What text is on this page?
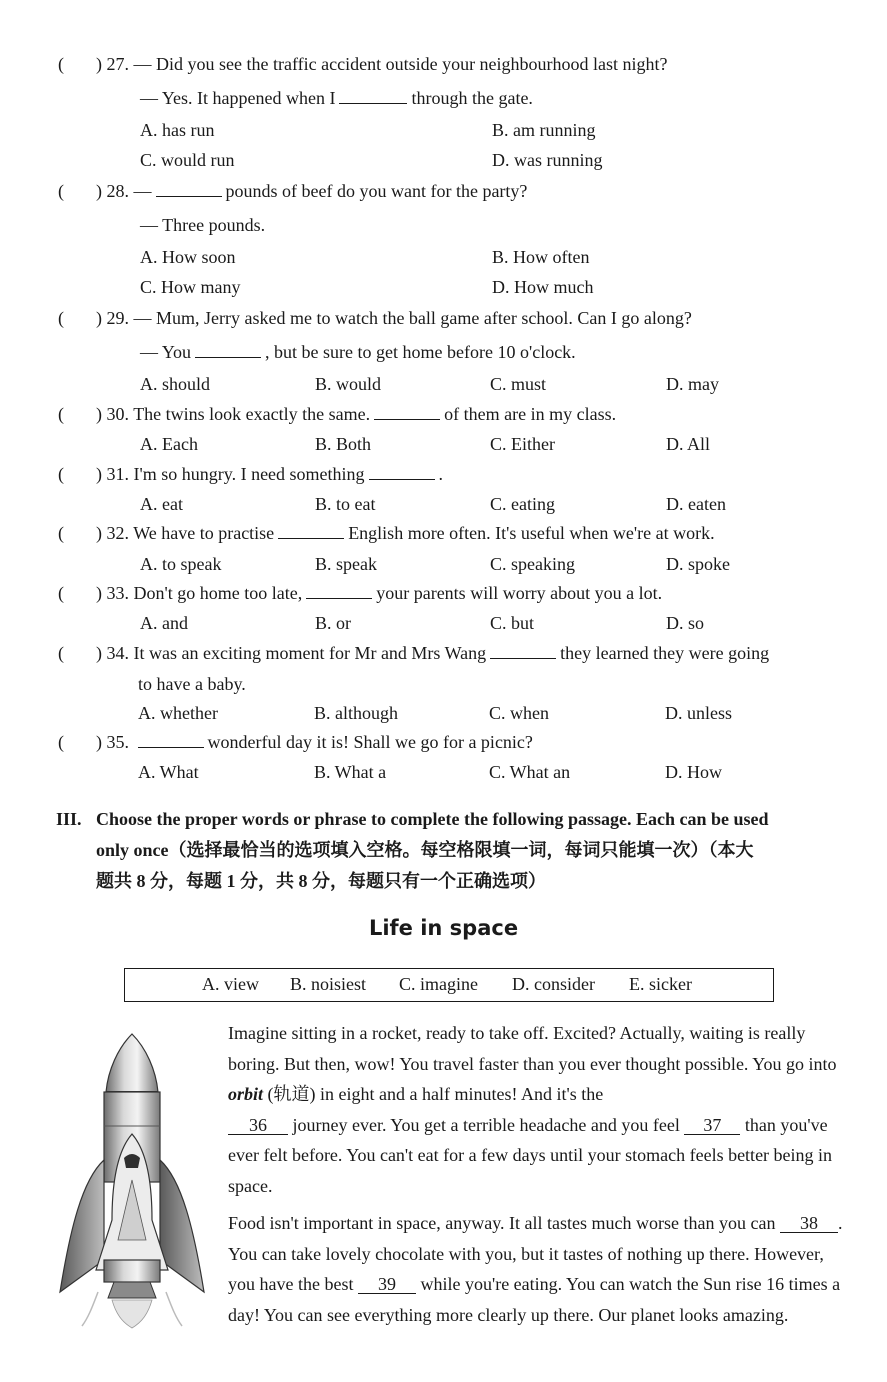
( ) 27. — Did you see the traffic accident outside your neighbourhood last night?
— Yes. It happened when I	through the gate.
A. has run	B. am running
C. would run	D. was running
( ) 28. —	pounds of beef do you want for the party?
— Three pounds.
A. How soon	B. How often
C. How many	D. How much
( ) 29. — Mum, Jerry asked me to watch the ball game after school. Can I go along?
— You	, but be sure to get home before 10 o'clock.
A. should	B. would	C. must	D. may
( ) 30. The twins look exactly the same.	of them are in my class.
A. Each	B. Both	C. Either	D. All
( ) 31. I'm so hungry. I need something	.
A. eat	B. to eat	C. eating	D. eaten
( ) 32. We have to practise	English more often. It's useful when we're at work.
A. to speak	B. speak	C. speaking	D. spoke
( ) 33. Don't go home too late,	your parents will worry about you a lot.
A. and	B. or	C. but	D. so
( ) 34. It was an exciting moment for Mr and Mrs Wang	they learned they were going
to have a baby.
A. whether	B. although	C. when	D. unless
( ) 35.	wonderful day it is! Shall we go for a picnic?
A. What	B. What a	C. What an	D. How
III. Choose the proper words or phrase to complete the following passage. Each can be used
only once（选择最恰当的选项填入空格。每空格限填一词，每词只能填一次）（本大
题共 8 分，每题 1 分，共 8 分，每题只有一个正确选项）
Life in space
A. view B. noisiest C. imagine D. consider E. sicker

Imagine sitting in a rocket, ready to take off. Excited? Actually, waiting is really boring. But then, wow! You travel faster than you ever thought possible. You go into orbit (轨道) in eight and a half minutes! And it's the
36 journey ever. You get a terrible headache and you feel 37 than you've ever felt before. You can't eat for a few days until your stomach feels better being in space.

Food isn't important in space, anyway. It all tastes much worse than you can 38 . You can take lovely chocolate with you, but it tastes of nothing up there. However, you have the best 39 while you're eating. You can watch the Sun rise 16 times a day! You can see everything more clearly up there. Our planet looks amazing.
